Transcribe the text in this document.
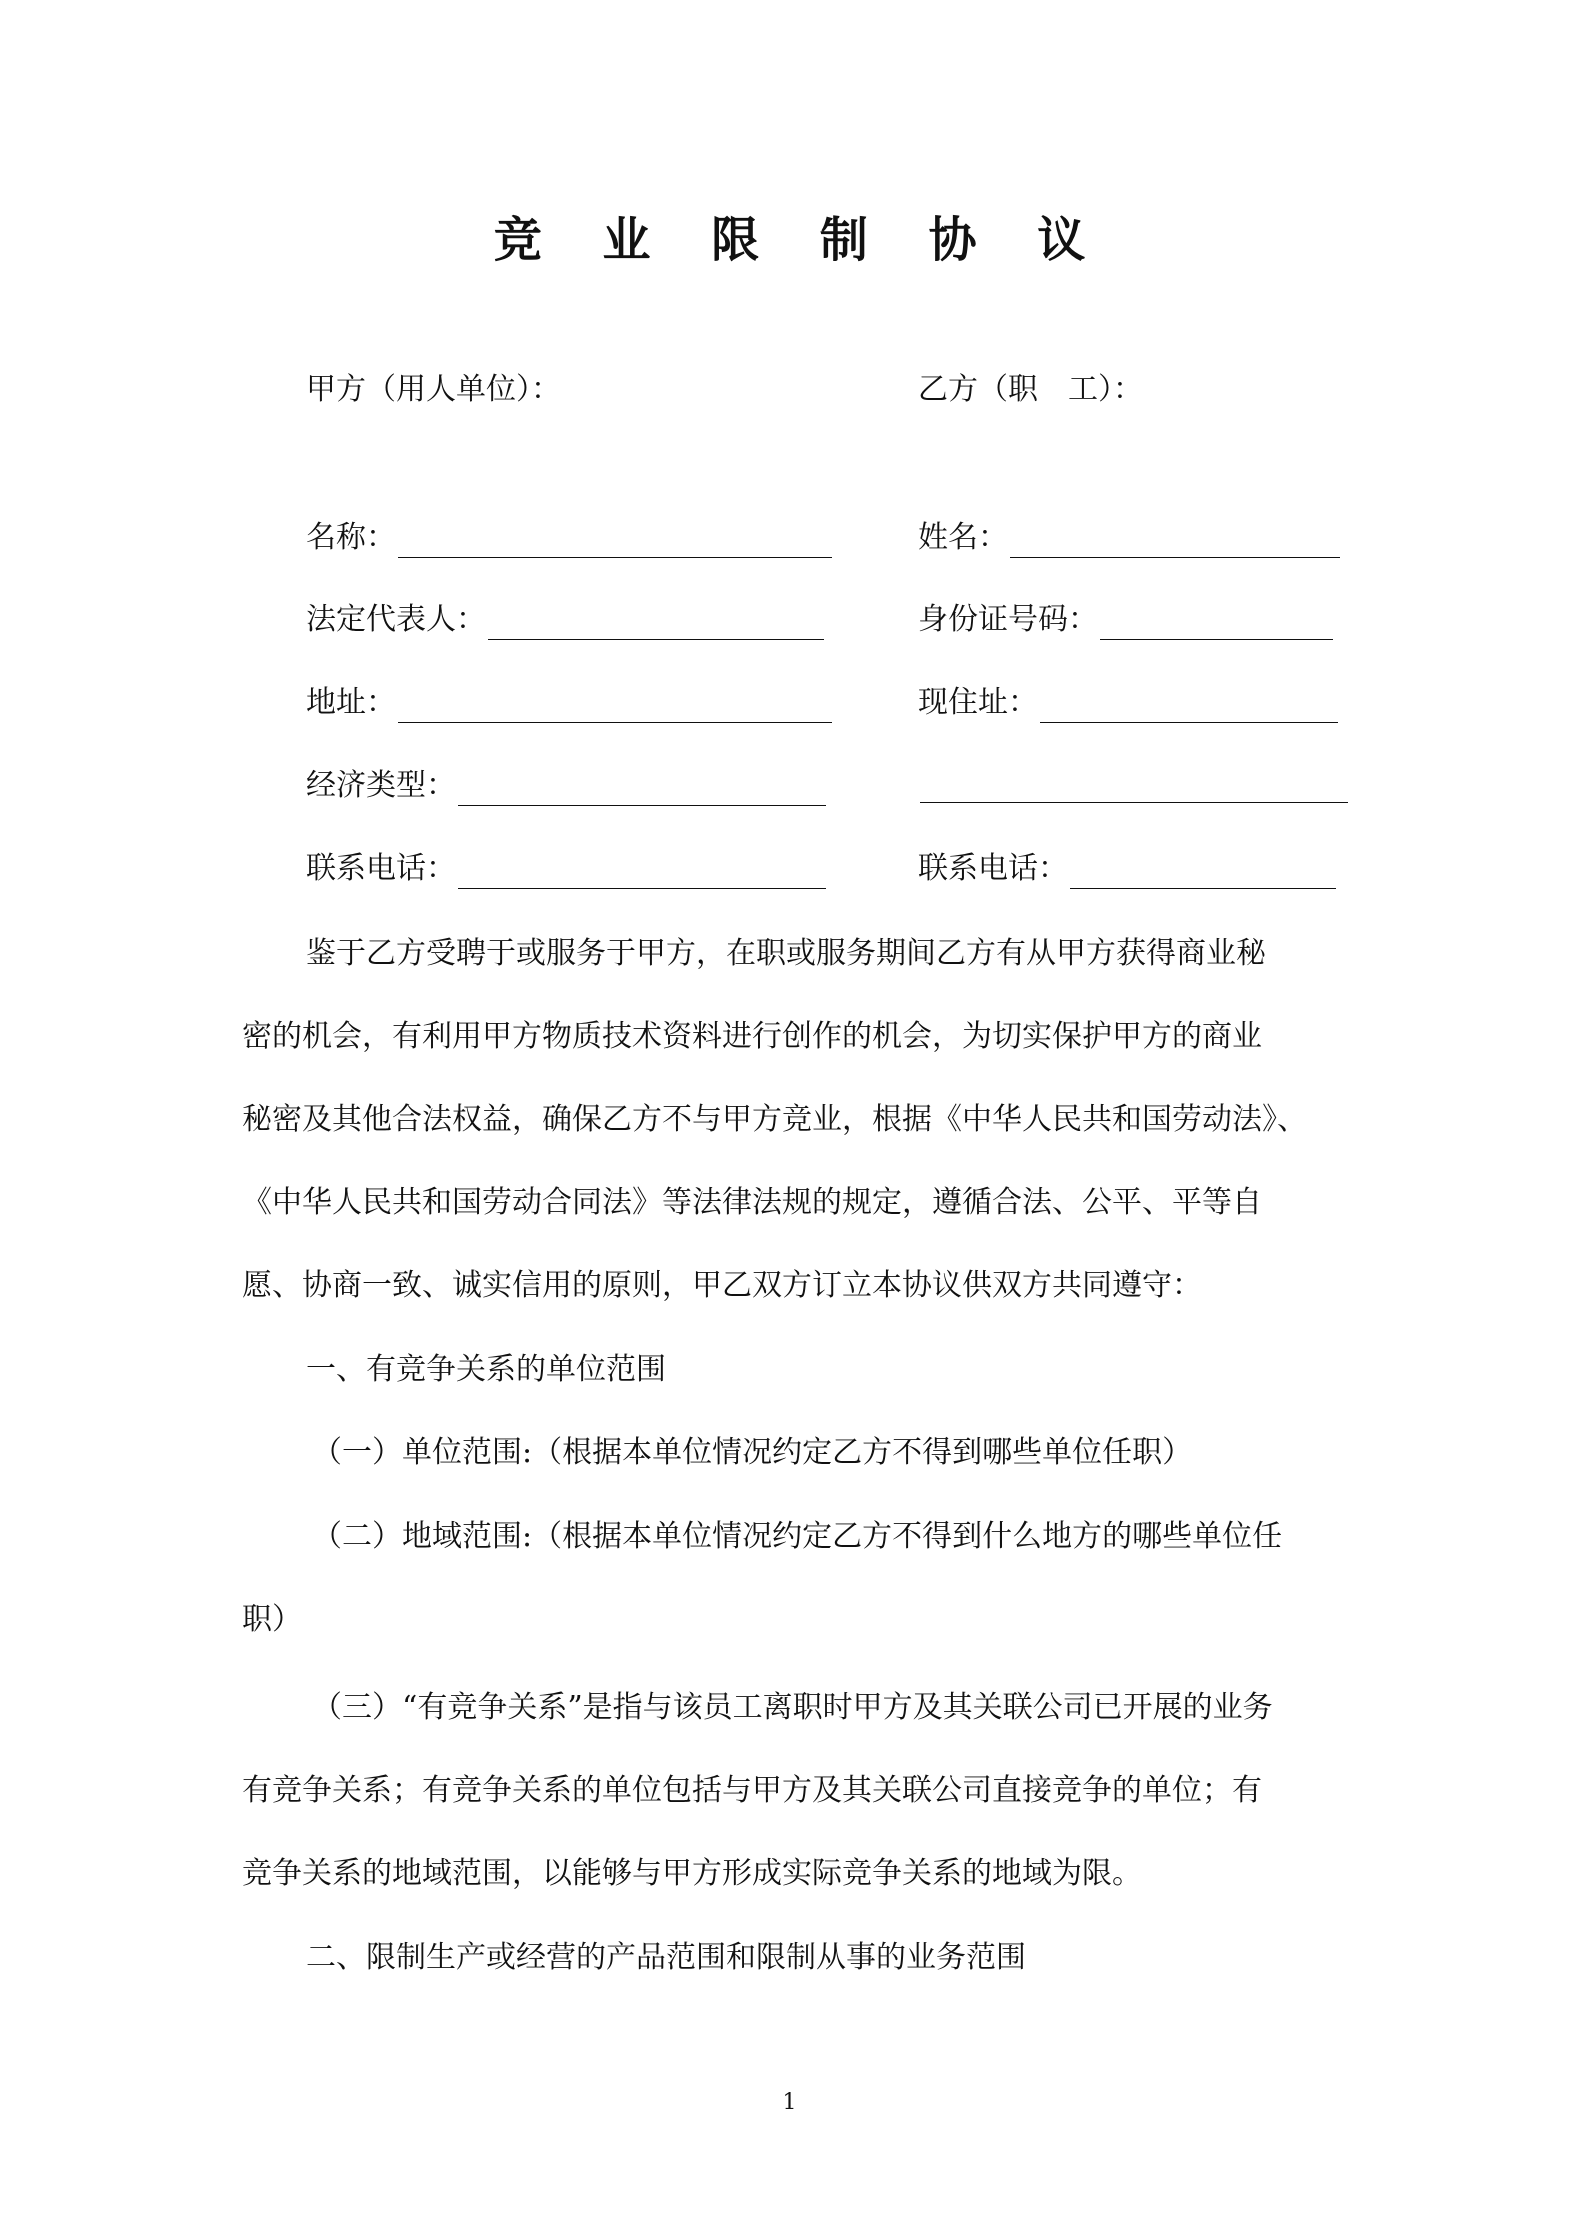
竞 业 限 制 协 议
甲方（用人单位）：	乙方（职　工）：
名称：
法定代表人：
地址：
经济类型：
联系电话：
姓名：
身份证号码：
现住址：
联系电话：
鉴于乙方受聘于或服务于甲方，在职或服务期间乙方有从甲方获得商业秘
密的机会，有利用甲方物质技术资料进行创作的机会，为切实保护甲方的商业
秘密及其他合法权益，确保乙方不与甲方竞业，根据《中华人民共和国劳动法》、
《中华人民共和国劳动合同法》等法律法规的规定，遵循合法、公平、平等自
愿、协商一致、诚实信用的原则，甲乙双方订立本协议供双方共同遵守：
一、有竞争关系的单位范围
（一）单位范围:（根据本单位情况约定乙方不得到哪些单位任职）
（二）地域范围:（根据本单位情况约定乙方不得到什么地方的哪些单位任
职）
（三）“有竞争关系”是指与该员工离职时甲方及其关联公司已开展的业务
有竞争关系；有竞争关系的单位包括与甲方及其关联公司直接竞争的单位；有
竞争关系的地域范围，以能够与甲方形成实际竞争关系的地域为限。
二、限制生产或经营的产品范围和限制从事的业务范围
1
